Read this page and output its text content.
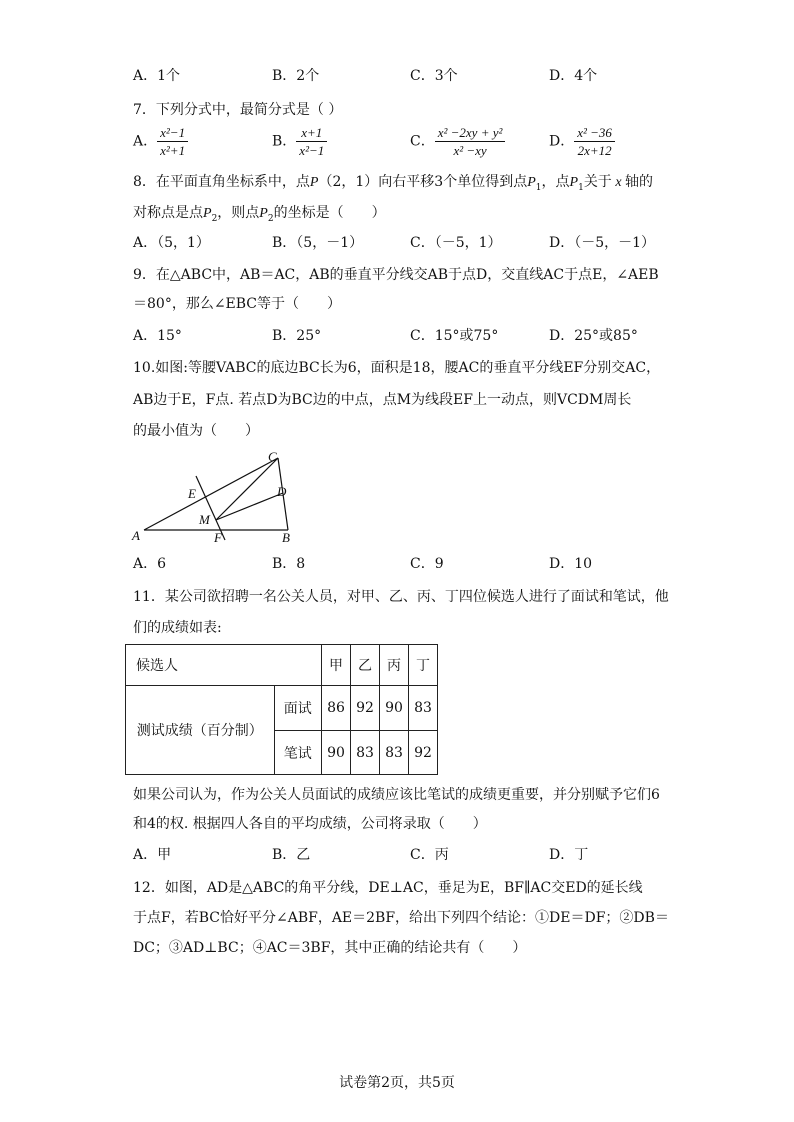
A．1个	B．2个	C．3个	D．4个
7．下列分式中，最简分式是（ ）
A． $\frac{\text{x²−1}}{\text{x²+1}}$	B． $\frac{x+1}{\text{x²−1}}$	C． $\frac{\text{x² −2xy + y²}}{\text{x² −xy}}$	D． $\frac{\text{x² −36}}{2x+12}$
8．在平面直角坐标系中，点P（2，1）向右平移3个单位得到点$P_1$，点$P_1$关于 x 轴的
对称点是点$P_2$，则点$P_2$的坐标是（　　）
A．（5，1）	B．（5，－1）	C．（－5，1）	D．（－5，－1）
9．在△ABC中，AB＝AC，AB的垂直平分线交AB于点D，交直线AC于点E，∠AEB
＝80°，那么∠EBC等于（　　）
A．15°	B．25°	C．15°或75°	D．25°或85°
10.如图:等腰VABC的底边BC长为6，面积是18，腰AC的垂直平分线EF分别交AC，
AB边于E，F点. 若点D为BC边的中点，点M为线段EF上一动点，则VCDM周长
的最小值为（　　）
A	B
C
D
E
F
M
A．6	B．8	C．9	D．10
11．某公司欲招聘一名公关人员，对甲、乙、丙、丁四位候选人进行了面试和笔试，他
们的成绩如表:
候选人		甲	乙	丙	丁
测试成绩（百分制）	面试	86	92	90	83
	笔试	90	83	83	92
如果公司认为，作为公关人员面试的成绩应该比笔试的成绩更重要，并分别赋予它们6
和4的权. 根据四人各自的平均成绩，公司将录取（　　）
A．甲	B．乙	C．丙	D．丁
12．如图，AD是△ABC的角平分线，DE⊥AC，垂足为E，BF∥AC交ED的延长线
于点F，若BC恰好平分∠ABF，AE＝2BF，给出下列四个结论：①DE＝DF；②DB＝
DC；③AD⊥BC；④AC＝3BF，其中正确的结论共有（　　）
试卷第2页，共5页
